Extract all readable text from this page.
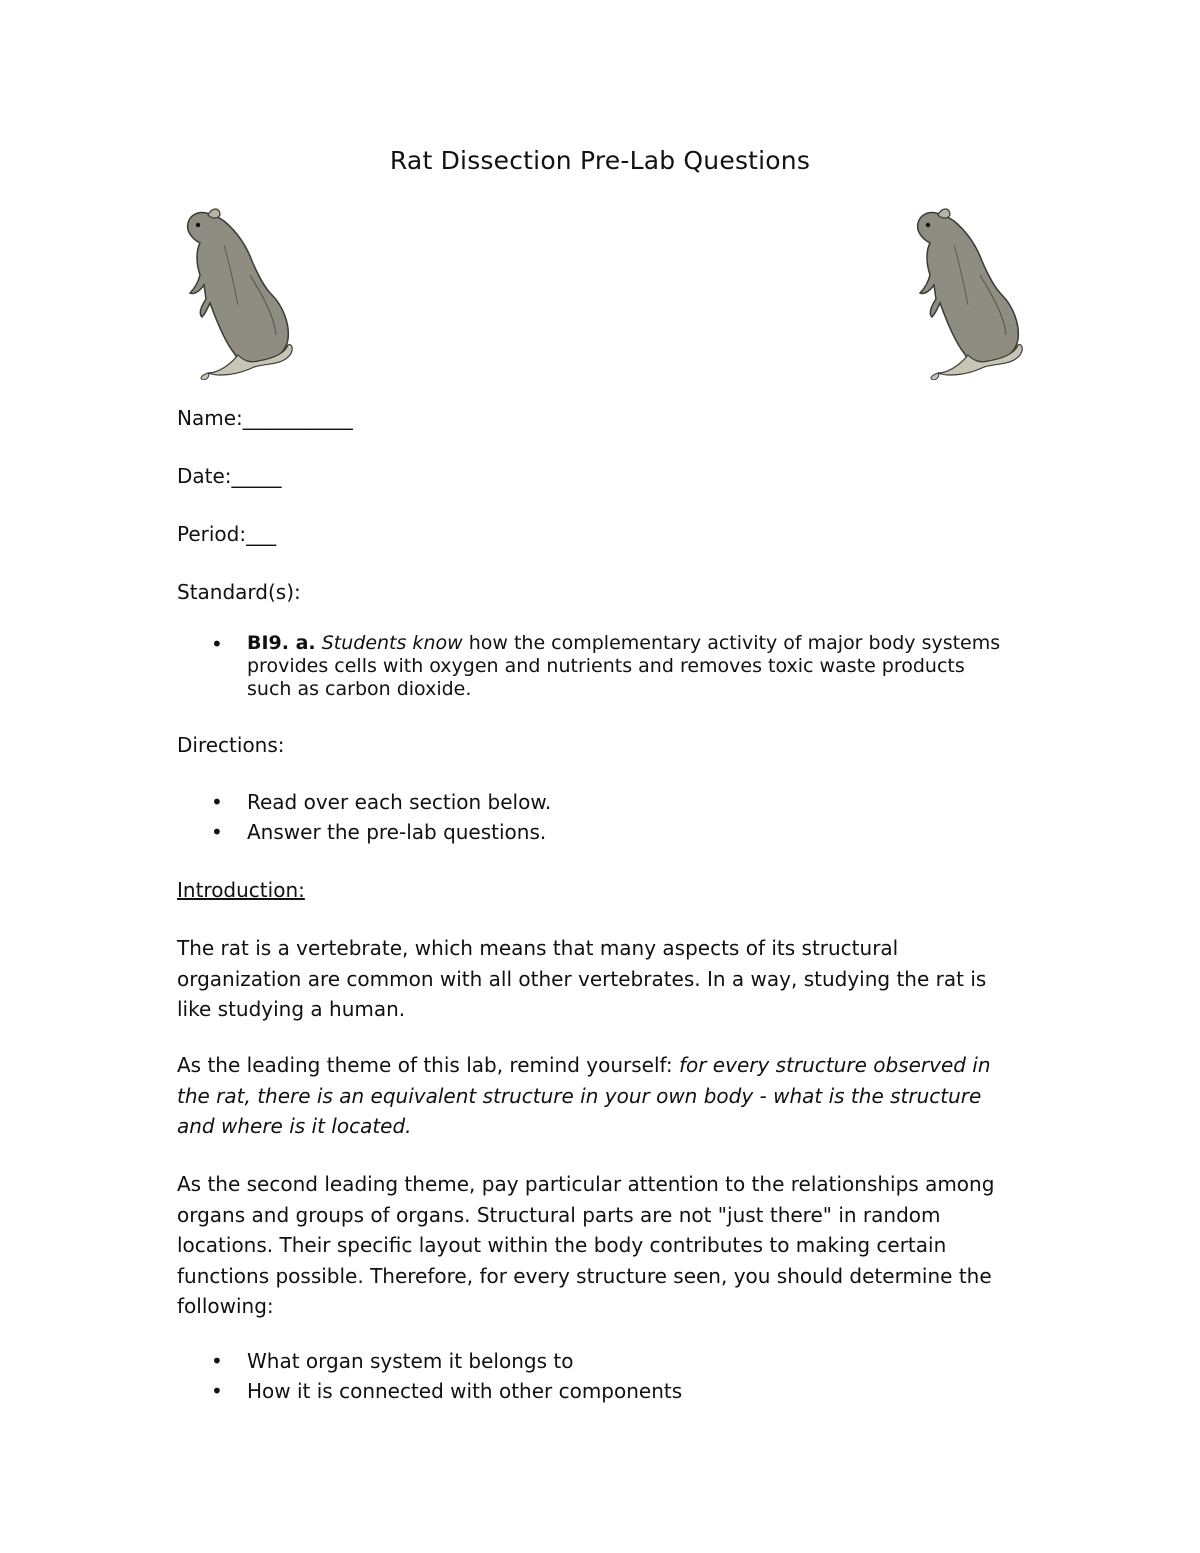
Rat Dissection Pre-Lab Questions
Name:___________
Date:_____
Period:___
Standard(s):
• BI9. a. Students know how the complementary activity of major body systems provides cells with oxygen and nutrients and removes toxic waste products such as carbon dioxide.
Directions:
• Read over each section below.
• Answer the pre-lab questions.
Introduction:
The rat is a vertebrate, which means that many aspects of its structural organization are common with all other vertebrates. In a way, studying the rat is like studying a human.
As the leading theme of this lab, remind yourself: for every structure observed in the rat, there is an equivalent structure in your own body - what is the structure and where is it located.
As the second leading theme, pay particular attention to the relationships among organs and groups of organs. Structural parts are not "just there" in random locations. Their specific layout within the body contributes to making certain functions possible. Therefore, for every structure seen, you should determine the following:
• What organ system it belongs to
• How it is connected with other components
